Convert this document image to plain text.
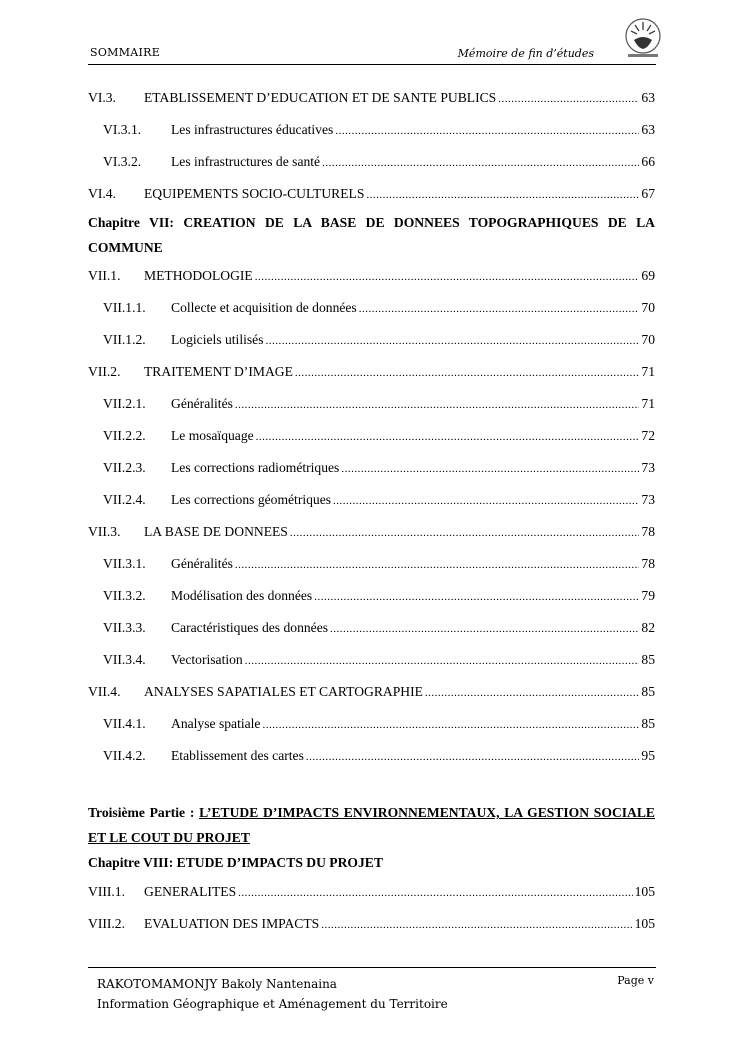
SOMMAIRE	Mémoire de fin d’études
VI.3.	ETABLISSEMENT D’EDUCATION ET DE SANTE PUBLICS .....	63
VI.3.1.	Les infrastructures éducatives .....	63
VI.3.2.	Les infrastructures de santé .....	66
VI.4.	EQUIPEMENTS SOCIO-CULTURELS .....	67
Chapitre VII: CREATION DE LA BASE DE DONNEES TOPOGRAPHIQUES DE LA COMMUNE
VII.1.	METHODOLOGIE .....	69
VII.1.1.	Collecte et acquisition de données .....	70
VII.1.2.	Logiciels utilisés .....	70
VII.2.	TRAITEMENT D’IMAGE .....	71
VII.2.1.	Généralités .....	71
VII.2.2.	Le mosaïquage .....	72
VII.2.3.	Les corrections radiométriques .....	73
VII.2.4.	Les corrections géométriques .....	73
VII.3.	LA BASE DE DONNEES .....	78
VII.3.1.	Généralités .....	78
VII.3.2.	Modélisation des données .....	79
VII.3.3.	Caractéristiques des données .....	82
VII.3.4.	Vectorisation .....	85
VII.4.	ANALYSES SAPATIALES ET CARTOGRAPHIE .....	85
VII.4.1.	Analyse spatiale .....	85
VII.4.2.	Etablissement des cartes .....	95
Troisième Partie : L’ETUDE D’IMPACTS ENVIRONNEMENTAUX, LA GESTION SOCIALE ET LE COUT DU PROJET
Chapitre VIII: ETUDE D’IMPACTS DU PROJET
VIII.1.	GENERALITES .....	105
VIII.2.	EVALUATION DES IMPACTS .....	105
RAKOTOMAMONJY Bakoly Nantenaina
Information Géographique et Aménagement du Territoire
Page v
